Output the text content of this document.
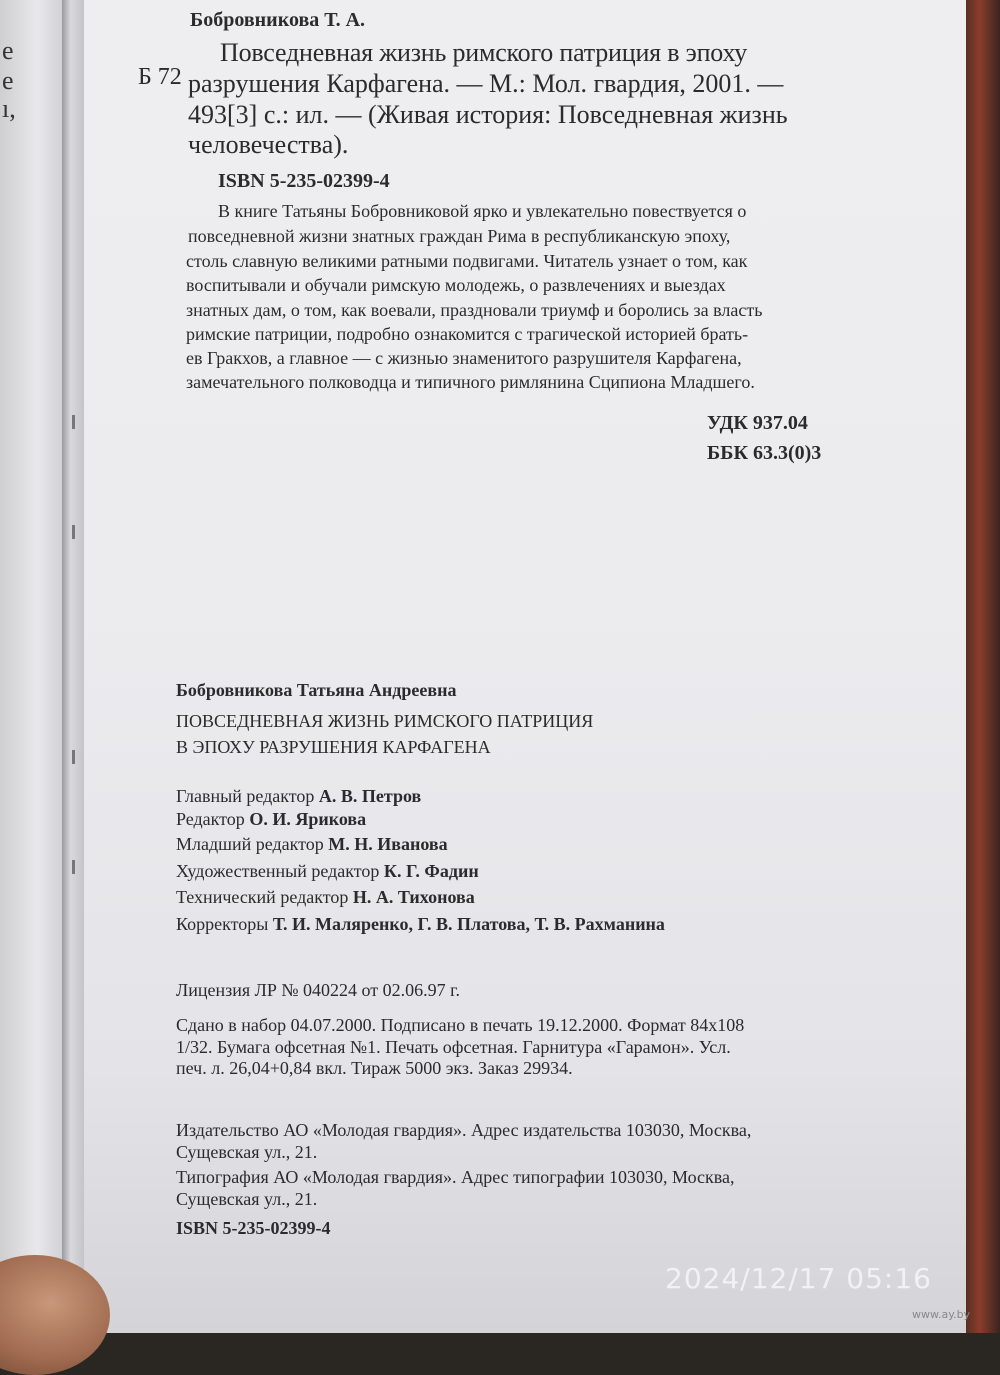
е
е
ı,
Б 72
Бобровникова Т. А.
Повседневная жизнь римского патриция в эпоху
разрушения Карфагена. — М.: Мол. гвардия, 2001. —
493[3] с.: ил. — (Живая история: Повседневная жизнь
человечества).
ISBN 5-235-02399-4
В книге Татьяны Бобровниковой ярко и увлекательно повествуется о
повседневной жизни знатных граждан Рима в республиканскую эпоху,
столь славную великими ратными подвигами. Читатель узнает о том, как
воспитывали и обучали римскую молодежь, о развлечениях и выездах
знатных дам, о том, как воевали, праздновали триумф и боролись за власть
римские патриции, подробно ознакомится с трагической историей брать-
ев Гракхов, а главное — с жизнью знаменитого разрушителя Карфагена,
замечательного полководца и типичного римлянина Сципиона Младшего.
УДК 937.04
ББК 63.3(0)3
Бобровникова Татьяна Андреевна
ПОВСЕДНЕВНАЯ ЖИЗНЬ РИМСКОГО ПАТРИЦИЯ
В ЭПОХУ РАЗРУШЕНИЯ КАРФАГЕНА
Главный редактор А. В. Петров
Редактор О. И. Ярикова
Младший редактор М. Н. Иванова
Художественный редактор К. Г. Фадин
Технический редактор Н. А. Тихонова
Корректоры Т. И. Маляренко, Г. В. Платова, Т. В. Рахманина
Лицензия ЛР № 040224 от 02.06.97 г.
Сдано в набор 04.07.2000. Подписано в печать 19.12.2000. Формат 84x108
1/32. Бумага офсетная №1. Печать офсетная. Гарнитура «Гарамон». Усл.
печ. л. 26,04+0,84 вкл. Тираж 5000 экз. Заказ 29934.
Издательство АО «Молодая гвардия». Адрес издательства 103030, Москва,
Сущевская ул., 21.
Типография АО «Молодая гвардия». Адрес типографии 103030, Москва,
Сущевская ул., 21.
ISBN 5-235-02399-4
2024/12/17 05:16
www.ay.by
